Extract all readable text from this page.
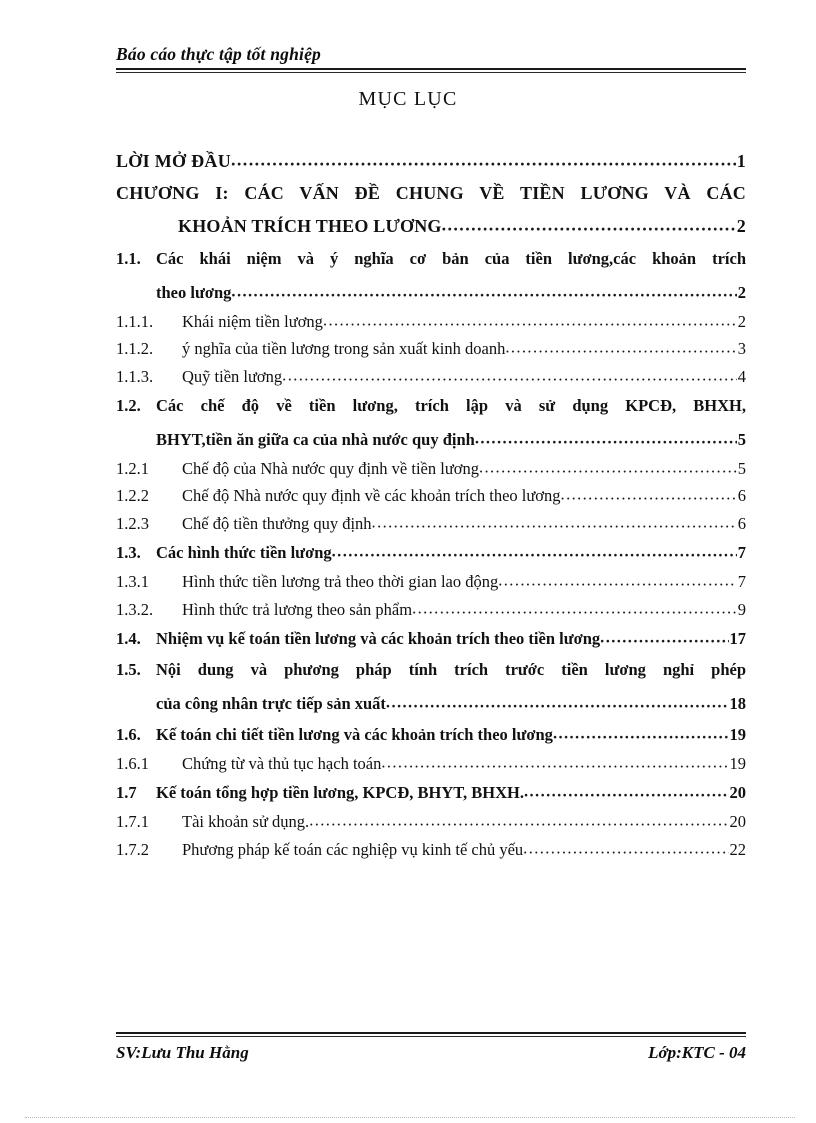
Báo cáo thực tập tốt nghiệp
MỤC LỤC
LỜI MỞ ĐẦU .....	1
CHƯƠNG I: CÁC VẤN ĐỀ CHUNG VỀ TIỀN LƯƠNG VÀ CÁC
KHOẢN TRÍCH THEO LƯƠNG .....	2
1.1. Các khái niệm và ý nghĩa cơ bản của tiền lương,các khoản trích
theo lương .....	2
1.1.1.	Khái niệm tiền lương .....	2
1.1.2.	ý nghĩa của tiền lương trong sản xuất kinh doanh .....	3
1.1.3.	Quỹ tiền lương .....	4
1.2. Các chế độ về tiền lương, trích lập và sử dụng KPCĐ, BHXH,
BHYT,tiền ăn giữa ca của nhà nước quy định .....	5
1.2.1	Chế độ của Nhà nước quy định về tiền lương .....	5
1.2.2	Chế độ Nhà nước quy định về các khoản trích theo lương .....	6
1.2.3	Chế độ tiền thưởng quy định .....	6
1.3. Các hình thức tiền lương .....	7
1.3.1	Hình thức tiền lương trả theo thời gian lao động .....	7
1.3.2.	Hình thức trả lương theo sản phẩm .....	9
1.4. Nhiệm vụ kế toán tiền lương và các khoản trích theo tiền lương .....	17
1.5. Nội dung và phương pháp tính trích trước tiền lương nghỉ phép
của công nhân trực tiếp sản xuất .....	18
1.6. Kế toán chi tiết tiền lương và các khoản trích theo lương .....	19
1.6.1	Chứng từ và thủ tục hạch toán .....	19
1.7	Kế toán tổng hợp tiền lương, KPCĐ, BHYT, BHXH. .....	20
1.7.1	Tài khoản sử dụng. .....	20
1.7.2	Phương pháp kế toán các nghiệp vụ kinh tế chủ yếu .....	22
SV:Lưu Thu Hằng	Lớp:KTC - 04
